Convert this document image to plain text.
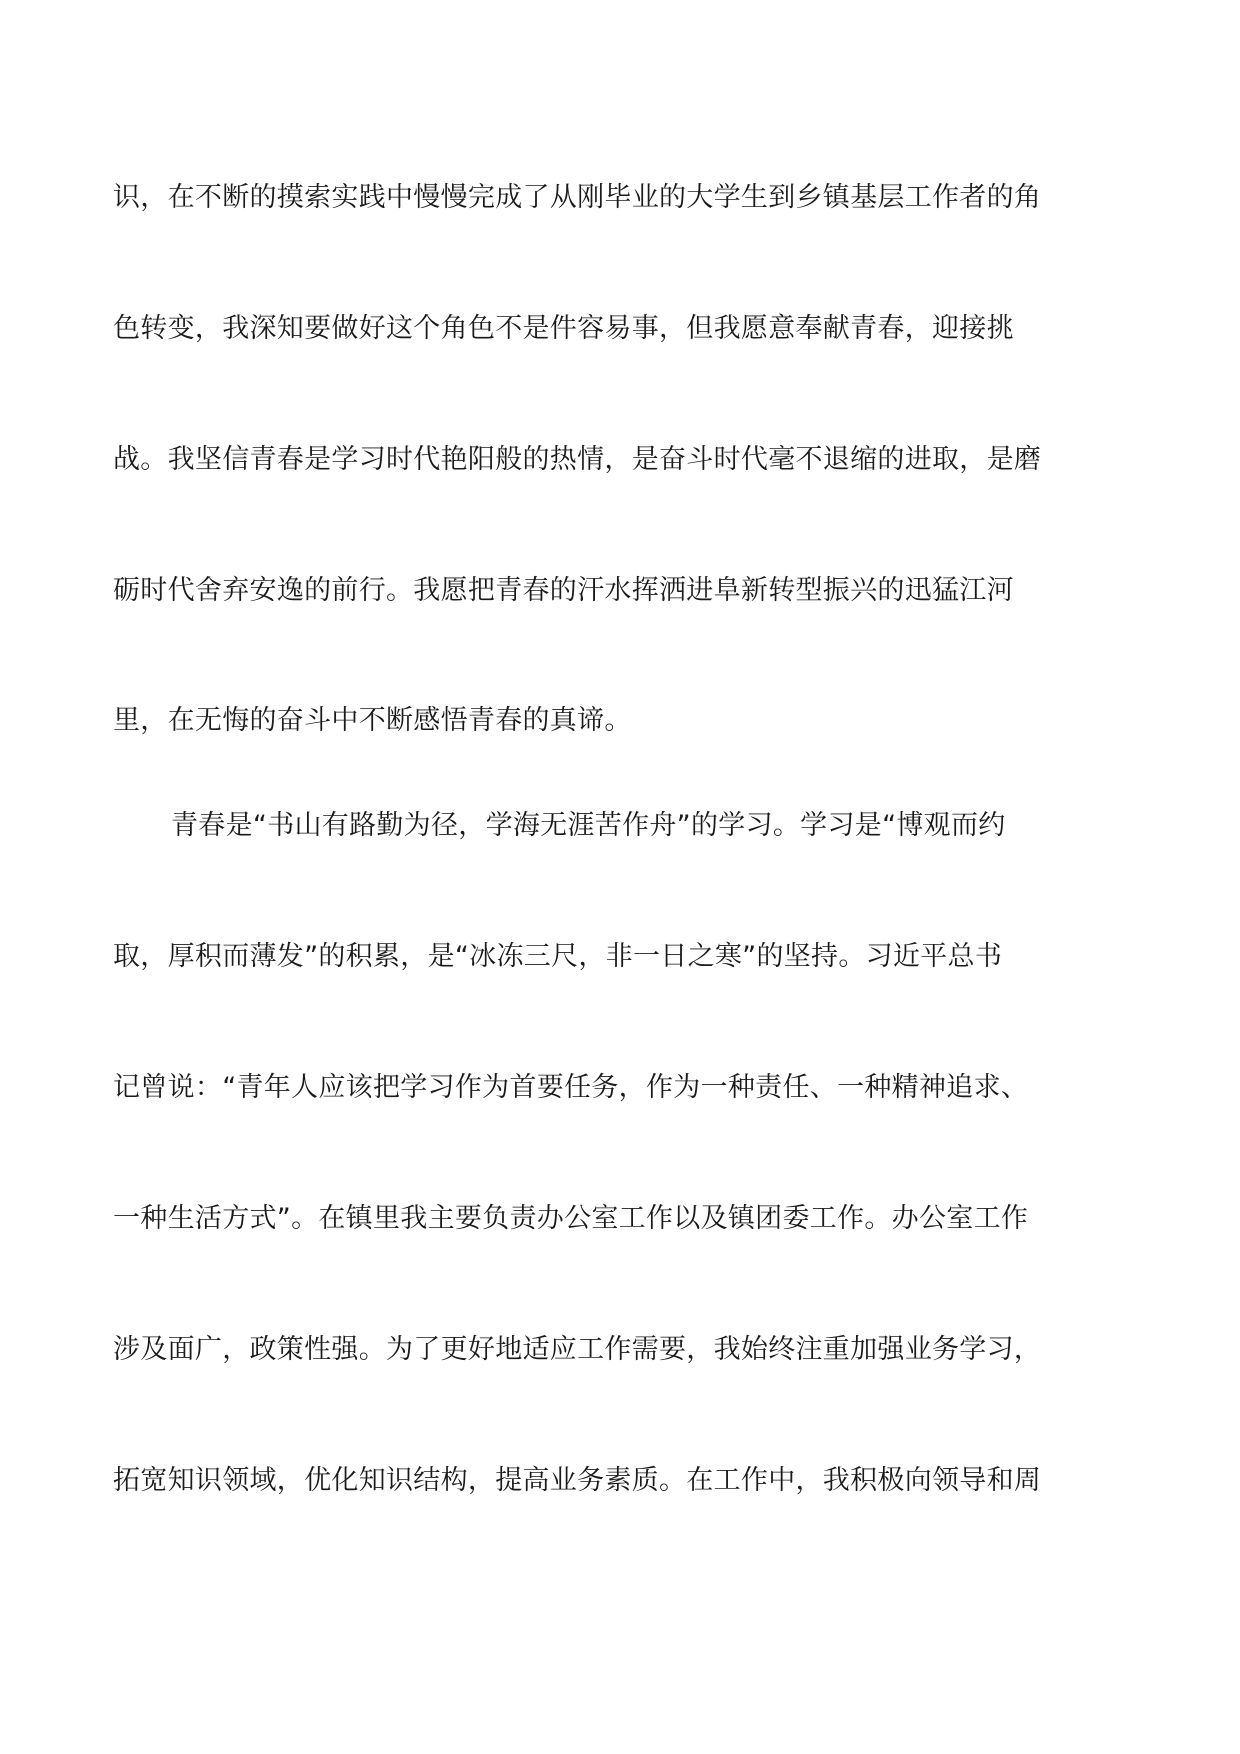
识，在不断的摸索实践中慢慢完成了从刚毕业的大学生到乡镇基层工作者的角
色转变，我深知要做好这个角色不是件容易事，但我愿意奉献青春，迎接挑
战。我坚信青春是学习时代艳阳般的热情，是奋斗时代毫不退缩的进取，是磨
砺时代舍弃安逸的前行。我愿把青春的汗水挥洒进阜新转型振兴的迅猛江河
里，在无悔的奋斗中不断感悟青春的真谛。
青春是“书山有路勤为径，学海无涯苦作舟”的学习。学习是“博观而约
取，厚积而薄发”的积累，是“冰冻三尺，非一日之寒”的坚持。习近平总书
记曾说：“青年人应该把学习作为首要任务，作为一种责任、一种精神追求、
一种生活方式”。在镇里我主要负责办公室工作以及镇团委工作。办公室工作
涉及面广，政策性强。为了更好地适应工作需要，我始终注重加强业务学习，
拓宽知识领域，优化知识结构，提高业务素质。在工作中，我积极向领导和周
